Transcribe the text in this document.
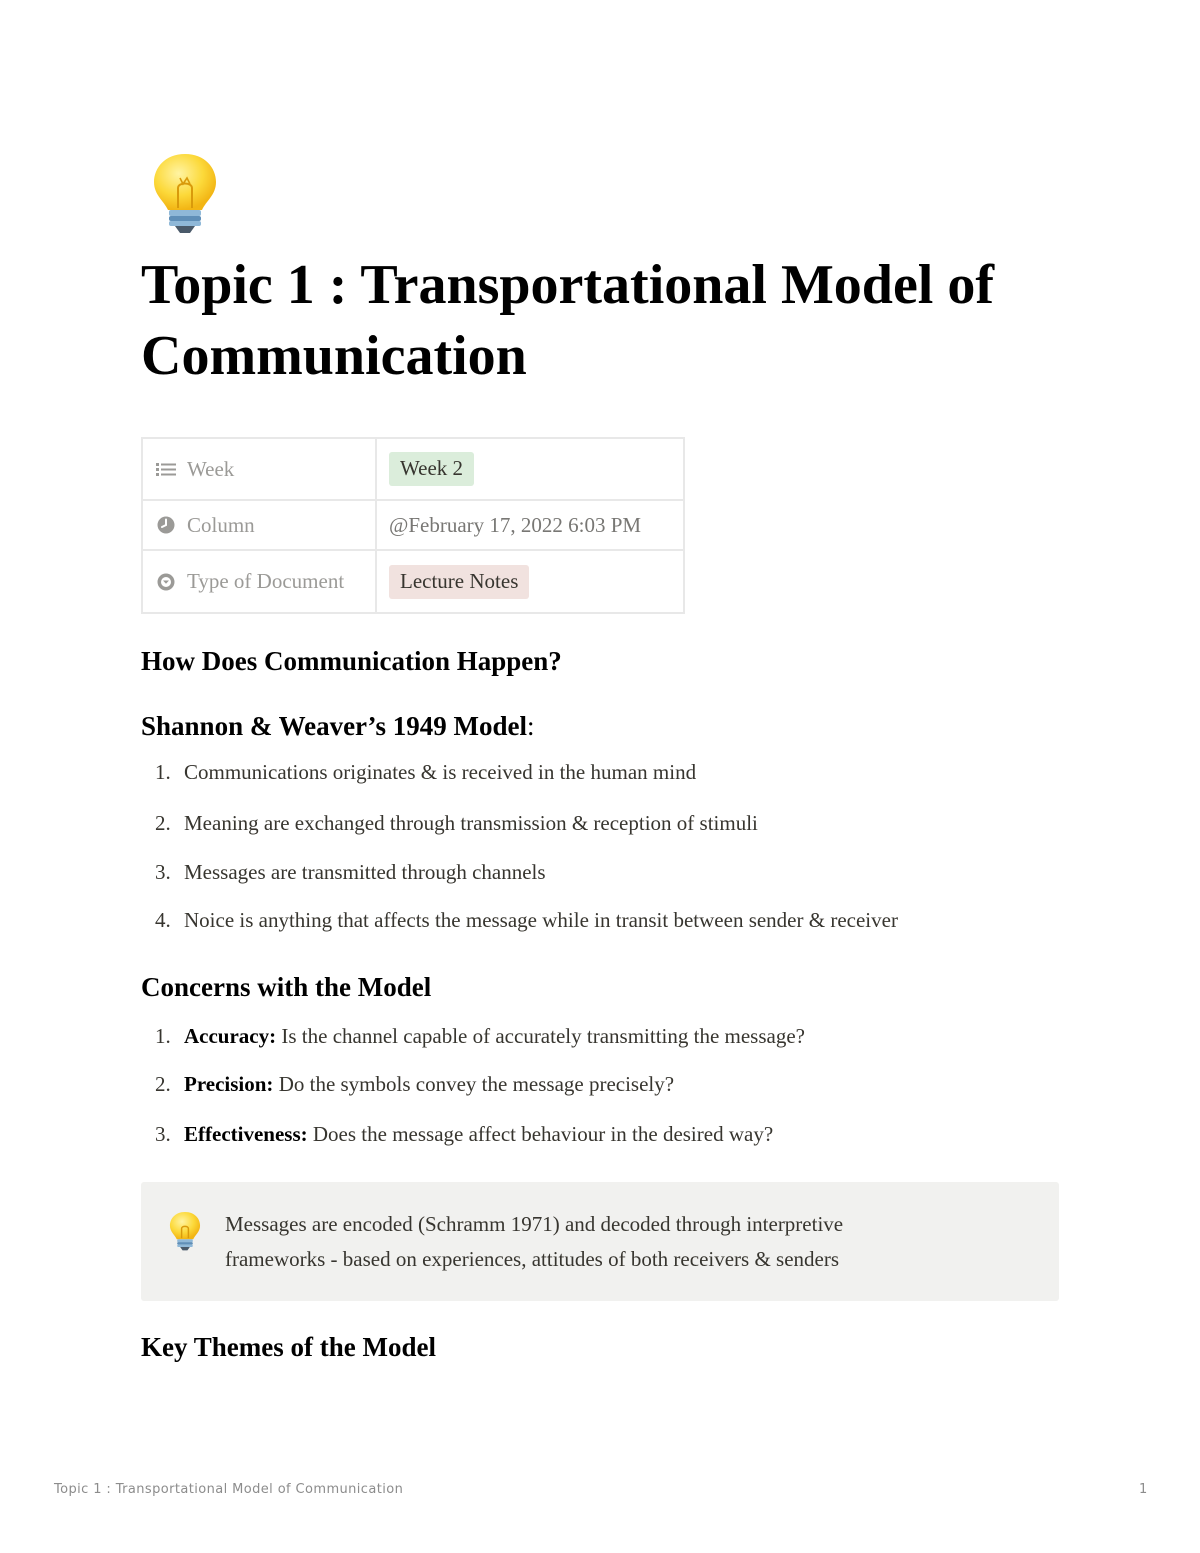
Topic 1 : Transportational Model of Communication
Week	Week 2

Column	@February 17, 2022 6:03 PM

Type of Document	Lecture Notes
How Does Communication Happen?
Shannon & Weaver’s 1949 Model:
1. Communications originates & is received in the human mind
2. Meaning are exchanged through transmission & reception of stimuli
3. Messages are transmitted through channels
4. Noice is anything that affects the message while in transit between sender & receiver
Concerns with the Model
1. Accuracy: Is the channel capable of accurately transmitting the message?
2. Precision: Do the symbols convey the message precisely?
3. Effectiveness: Does the message affect behaviour in the desired way?
Messages are encoded (Schramm 1971) and decoded through interpretive frameworks - based on experiences, attitudes of both receivers & senders
Key Themes of the Model
Topic 1 : Transportational Model of Communication	1
